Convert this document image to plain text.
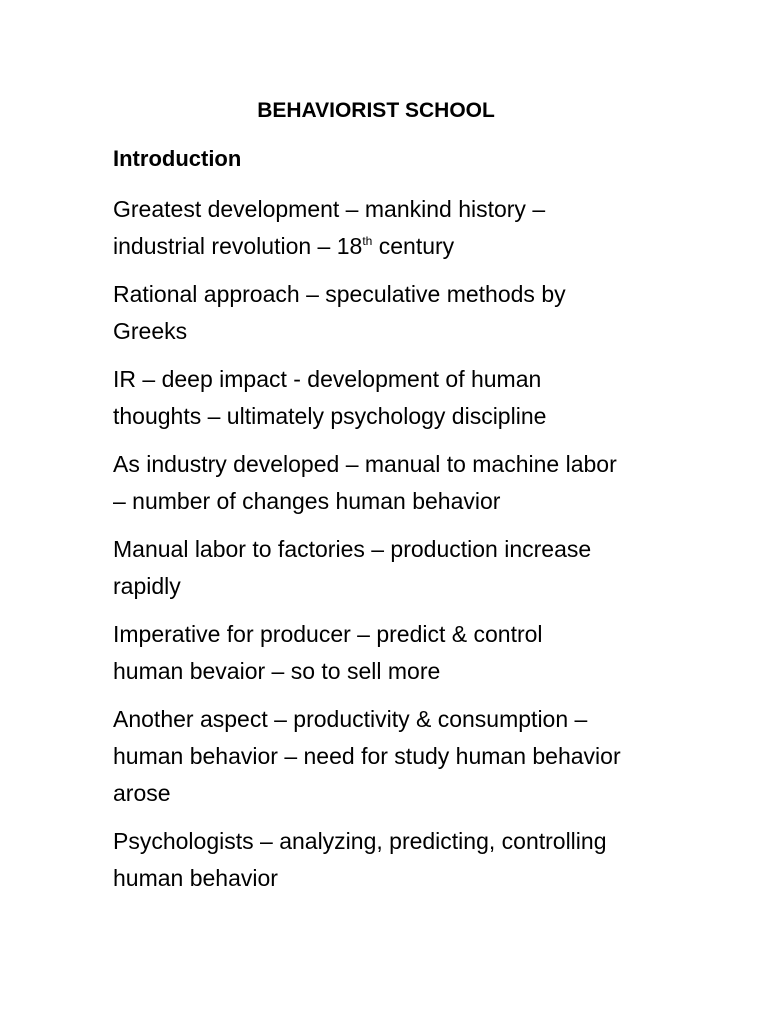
BEHAVIORIST SCHOOL
Introduction

Greatest development – mankind history –
industrial revolution – 18th century

Rational approach – speculative methods by
Greeks

IR – deep impact - development of human
thoughts – ultimately psychology discipline

As industry developed – manual to machine labor
– number of changes human behavior

Manual labor to factories – production increase
rapidly

Imperative for producer – predict & control
human bevaior – so to sell more

Another aspect – productivity & consumption –
human behavior – need for study human behavior
arose

Psychologists – analyzing, predicting, controlling
human behavior
